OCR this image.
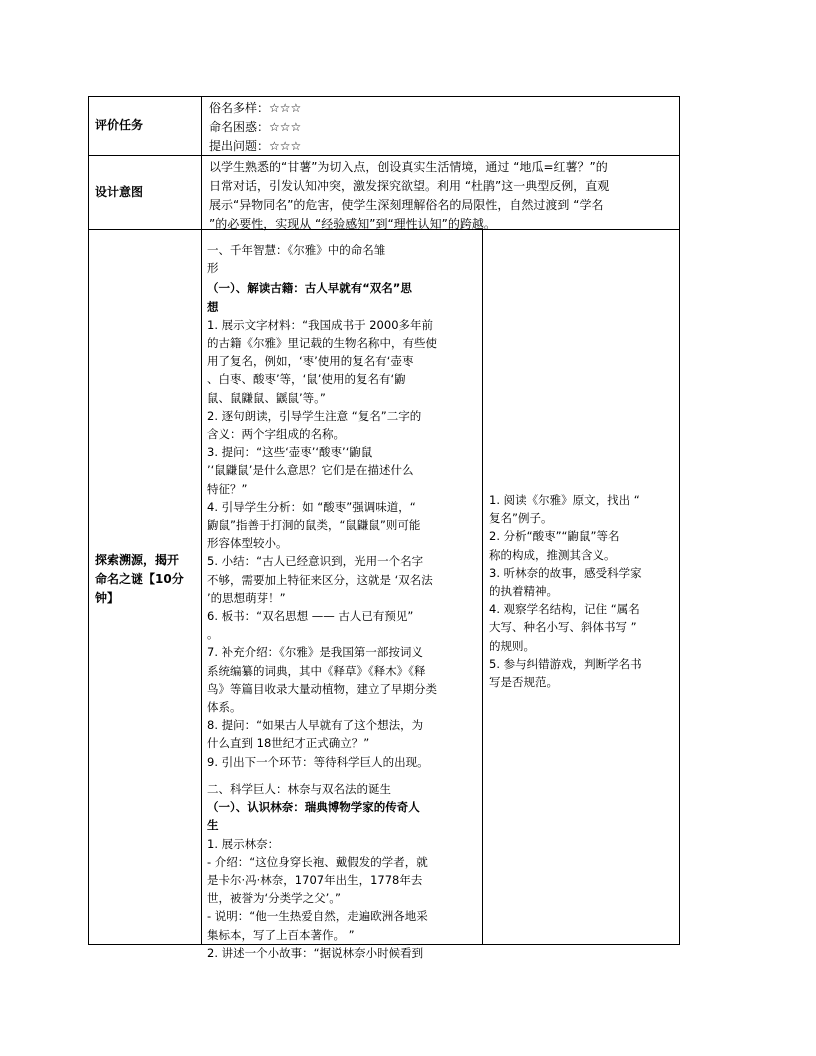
评价任务

俗名多样：☆☆☆

命名困惑：☆☆☆

提出问题：☆☆☆

设计意图

以学生熟悉的“甘薯”为切入点，创设真实生活情境，通过 “地瓜=红薯？”的

日常对话，引发认知冲突，激发探究欲望。利用 “杜鹃”这一典型反例，直观

展示“异物同名”的危害，使学生深刻理解俗名的局限性，自然过渡到 “学名

”的必要性，实现从 “经验感知”到“理性认知”的跨越。

探索溯源，揭开
命名之谜【10分
钟】

一、千年智慧：《尔雅》中的命名雏

形

（一）、解读古籍：古人早就有“双名”思

想

1. 展示文字材料：“我国成书于 2000多年前

的古籍《尔雅》里记载的生物名称中，有些使

用了复名，例如，‘枣’使用的复名有‘壶枣

、白枣、酸枣’等，‘鼠’使用的复名有‘鼩

鼠、鼠鼸鼠、鼷鼠’等。”

2. 逐句朗读，引导学生注意 “复名”二字的

含义：两个字组成的名称。

3. 提问：“这些‘壶枣’‘酸枣’‘鼩鼠

’‘鼠鼸鼠’是什么意思？它们是在描述什么

特征？”

4. 引导学生分析：如 “酸枣”强调味道，“

鼩鼠”指善于打洞的鼠类，“鼠鼸鼠”则可能

形容体型较小。

5. 小结：“古人已经意识到，光用一个名字

不够，需要加上特征来区分，这就是 ‘双名法

’的思想萌芽！”

6. 板书：“双名思想 —— 古人已有预见”

。

7. 补充介绍：《尔雅》是我国第一部按词义

系统编纂的词典，其中《释草》《释木》《释

鸟》等篇目收录大量动植物，建立了早期分类

体系。

8. 提问：“如果古人早就有了这个想法，为

什么直到 18世纪才正式确立？”

9. 引出下一个环节：等待科学巨人的出现。

二、科学巨人：林奈与双名法的诞生

（一）、认识林奈：瑞典博物学家的传奇人

生

1. 展示林奈：

- 介绍：“这位身穿长袍、戴假发的学者，就

是卡尔·冯·林奈，1707年出生，1778年去

世，被誉为‘分类学之父’。”

- 说明：“他一生热爱自然，走遍欧洲各地采

集标本，写了上百本著作。 ”

2. 讲述一个小故事：“据说林奈小时候看到

1. 阅读《尔雅》原文，找出 “

复名”例子。

2. 分析“酸枣”“鼩鼠”等名

称的构成，推测其含义。

3. 听林奈的故事，感受科学家

的执着精神。

4. 观察学名结构，记住 “属名

大写、种名小写、斜体书写 ”

的规则。

5. 参与纠错游戏，判断学名书

写是否规范。
